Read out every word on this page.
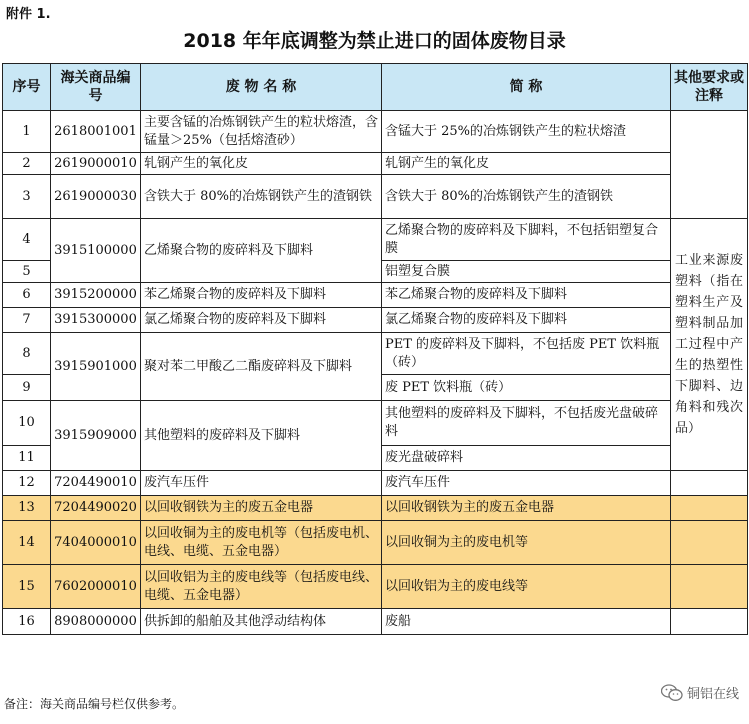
附件 1.
2018 年年底调整为禁止进口的固体废物目录
序号	海关商品编号	废 物 名 称	简 称	其他要求或注释
1	2618001001	主要含锰的冶炼钢铁产生的粒状熔渣，含锰量＞25%（包括熔渣砂）	含锰大于 25%的冶炼钢铁产生的粒状熔渣	
2	2619000010	轧钢产生的氧化皮	轧钢产生的氧化皮	
3	2619000030	含铁大于 80%的冶炼钢铁产生的渣钢铁	含铁大于 80%的冶炼钢铁产生的渣钢铁	
4	3915100000	乙烯聚合物的废碎料及下脚料	乙烯聚合物的废碎料及下脚料，不包括铝塑复合膜	工业来源废塑料（指在塑料生产及塑料制品加工过程中产生的热塑性下脚料、边角料和残次品）
5			铝塑复合膜	
6	3915200000	苯乙烯聚合物的废碎料及下脚料	苯乙烯聚合物的废碎料及下脚料	
7	3915300000	氯乙烯聚合物的废碎料及下脚料	氯乙烯聚合物的废碎料及下脚料	
8	3915901000	聚对苯二甲酸乙二酯废碎料及下脚料	PET 的废碎料及下脚料，不包括废 PET 饮料瓶（砖）	
9			废 PET 饮料瓶（砖）	
10	3915909000	其他塑料的废碎料及下脚料	其他塑料的废碎料及下脚料，不包括废光盘破碎料	
11			废光盘破碎料	
12	7204490010	废汽车压件	废汽车压件	
13	7204490020	以回收钢铁为主的废五金电器	以回收钢铁为主的废五金电器	
14	7404000010	以回收铜为主的废电机等（包括废电机、电线、电缆、五金电器）	以回收铜为主的废电机等	
15	7602000010	以回收铝为主的废电线等（包括废电线、电缆、五金电器）	以回收铝为主的废电线等	
16	8908000000	供拆卸的船舶及其他浮动结构体	废船	
备注：海关商品编号栏仅供参考。
铜铝在线
